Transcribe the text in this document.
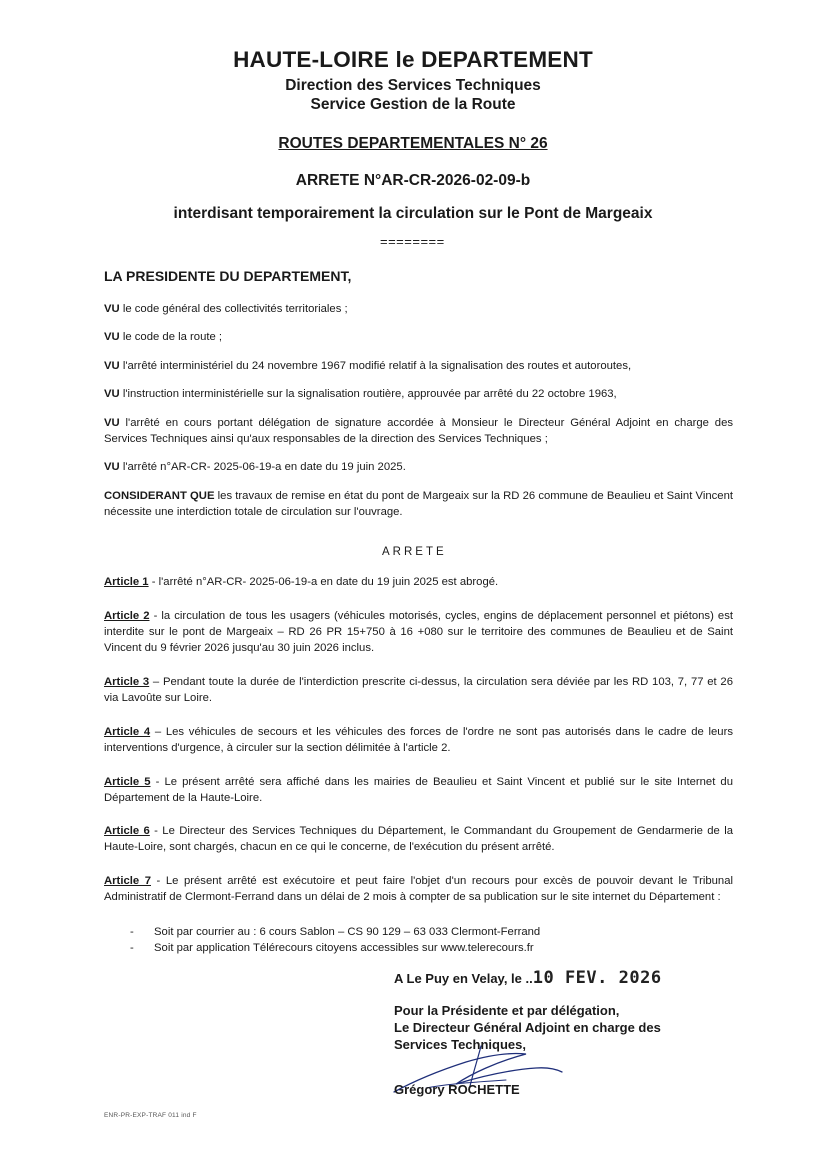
HAUTE-LOIRE le DEPARTEMENT
Direction des Services Techniques
Service Gestion de la Route
ROUTES DEPARTEMENTALES N° 26
ARRETE N°AR-CR-2026-02-09-b
interdisant temporairement la circulation sur le Pont de Margeaix
========
LA PRESIDENTE DU DEPARTEMENT,
VU le code général des collectivités territoriales ;
VU le code de la route ;
VU l'arrêté interministériel du 24 novembre 1967 modifié relatif à la signalisation des routes et autoroutes,
VU l'instruction interministérielle sur la signalisation routière, approuvée par arrêté du 22 octobre 1963,
VU l'arrêté en cours portant délégation de signature accordée à Monsieur le Directeur Général Adjoint en charge des Services Techniques ainsi qu'aux responsables de la direction des Services Techniques ;
VU l'arrêté n°AR-CR- 2025-06-19-a en date du 19 juin 2025.
CONSIDERANT QUE les travaux de remise en état du pont de Margeaix sur la RD 26 commune de Beaulieu et Saint Vincent nécessite une interdiction totale de circulation sur l'ouvrage.
ARRETE
Article 1 - l'arrêté n°AR-CR- 2025-06-19-a en date du 19 juin 2025 est abrogé.
Article 2 - la circulation de tous les usagers (véhicules motorisés, cycles, engins de déplacement personnel et piétons) est interdite sur le pont de Margeaix – RD 26 PR 15+750 à 16 +080 sur le territoire des communes de Beaulieu et de Saint Vincent du 9 février 2026 jusqu'au 30 juin 2026 inclus.
Article 3 – Pendant toute la durée de l'interdiction prescrite ci-dessus, la circulation sera déviée par les RD 103, 7, 77 et 26 via Lavoûte sur Loire.
Article 4 – Les véhicules de secours et les véhicules des forces de l'ordre ne sont pas autorisés dans le cadre de leurs interventions d'urgence, à circuler sur la section délimitée à l'article 2.
Article 5 - Le présent arrêté sera affiché dans les mairies de Beaulieu et Saint Vincent et publié sur le site Internet du Département de la Haute-Loire.
Article 6 - Le Directeur des Services Techniques du Département, le Commandant du Groupement de Gendarmerie de la Haute-Loire, sont chargés, chacun en ce qui le concerne, de l'exécution du présent arrêté.
Article 7 - Le présent arrêté est exécutoire et peut faire l'objet d'un recours pour excès de pouvoir devant le Tribunal Administratif de Clermont-Ferrand dans un délai de 2 mois à compter de sa publication sur le site internet du Département :
- Soit par courrier au : 6 cours Sablon – CS 90 129 – 63 033 Clermont-Ferrand
- Soit par application Télérecours citoyens accessibles sur www.telerecours.fr
A Le Puy en Velay, le ..10 FEV. 2026
Pour la Présidente et par délégation,
Le Directeur Général Adjoint en charge des
Services Techniques,
Grégory ROCHETTE
ENR-PR-EXP-TRAF 011 ind F
